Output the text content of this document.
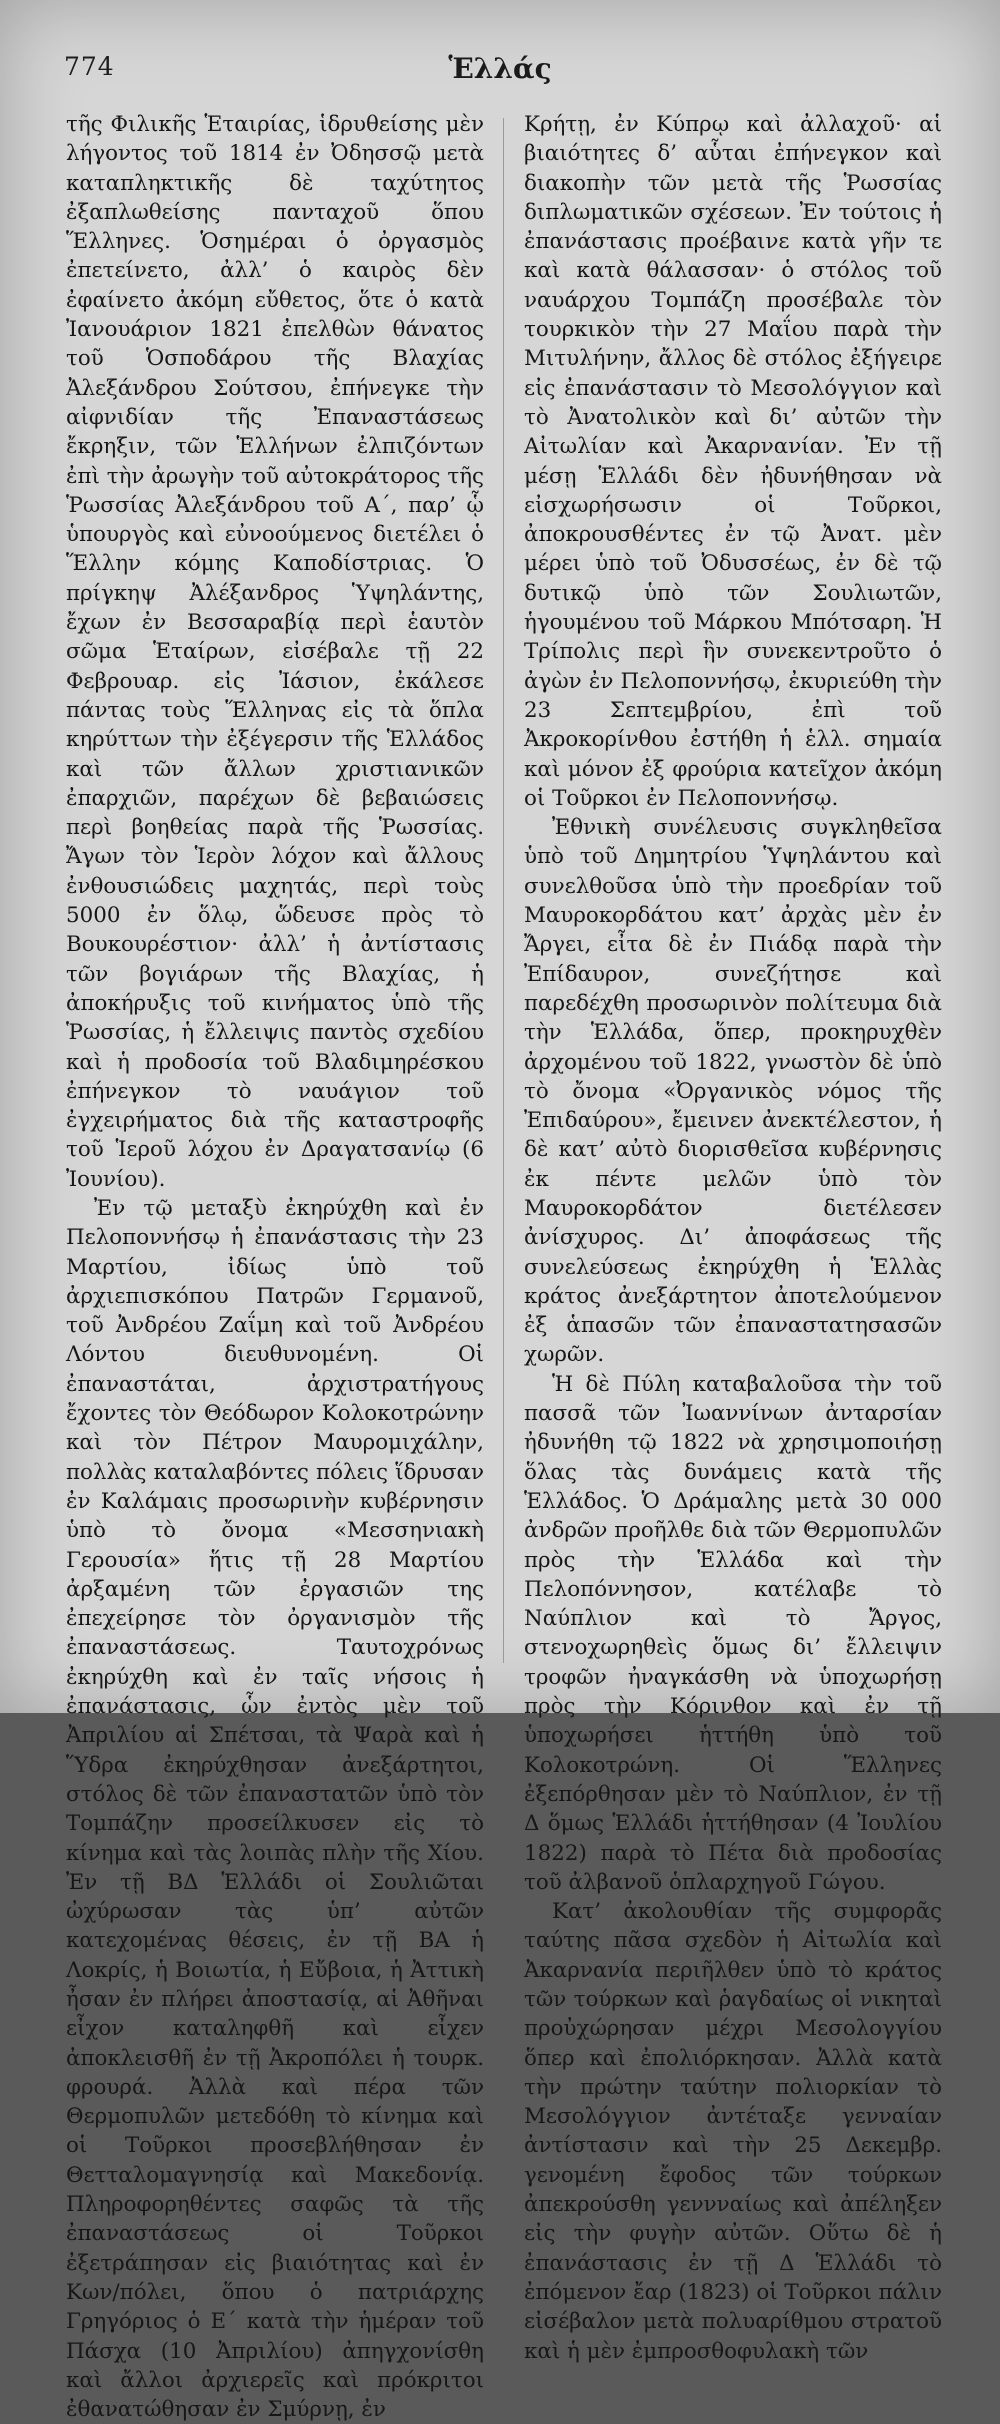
774	Ἑλλάς

τῆς Φιλικῆς Ἑταιρίας, ἱδρυθείσης μὲν λήγοντος τοῦ 1814 ἐν Ὀδησσῷ μετὰ καταπληκτικῆς δὲ ταχύτητος ἐξαπλωθείσης πανταχοῦ ὅπου Ἕλληνες. Ὁσημέραι ὁ ὀργασμὸς ἐπετείνετο, ἀλλ’ ὁ καιρὸς δὲν ἐφαίνετο ἀκόμη εὔθετος, ὅτε ὁ κατὰ Ἰανουάριον 1821 ἐπελθὼν θάνατος τοῦ Ὁσποδάρου τῆς Βλαχίας Ἀλεξάνδρου Σούτσου, ἐπήνεγκε τὴν αἰφνιδίαν τῆς Ἐπαναστάσεως ἔκρηξιν, τῶν Ἑλλήνων ἐλπιζόντων ἐπὶ τὴν ἀρωγὴν τοῦ αὐτοκράτορος τῆς Ῥωσσίας Ἀλεξάνδρου τοῦ Α´, παρ’ ᾧ ὑπουργὸς καὶ εὐνοούμενος διετέλει ὁ Ἕλλην κόμης Καποδίστριας. Ὁ πρίγκηψ Ἀλέξανδρος Ὑψηλάντης, ἔχων ἐν Βεσσαραβίᾳ περὶ ἑαυτὸν σῶμα Ἑταίρων, εἰσέβαλε τῇ 22 Φεβρουαρ. εἰς Ἰάσιον, ἐκάλεσε πάντας τοὺς Ἕλληνας εἰς τὰ ὅπλα κηρύττων τὴν ἐξέγερσιν τῆς Ἑλλάδος καὶ τῶν ἄλλων χριστιανικῶν ἐπαρχιῶν, παρέχων δὲ βεβαιώσεις περὶ βοηθείας παρὰ τῆς Ῥωσσίας. Ἄγων τὸν Ἱερὸν λόχον καὶ ἄλλους ἐνθουσιώδεις μαχητάς, περὶ τοὺς 5000 ἐν ὅλῳ, ὥδευσε πρὸς τὸ Βουκουρέστιον· ἀλλ’ ἡ ἀντίστασις τῶν βογιάρων τῆς Βλαχίας, ἡ ἀποκήρυξις τοῦ κινήματος ὑπὸ τῆς Ῥωσσίας, ἡ ἔλλειψις παντὸς σχεδίου καὶ ἡ προδοσία τοῦ Βλαδιμηρέσκου ἐπήνεγκον τὸ ναυάγιον τοῦ ἐγχειρήματος διὰ τῆς καταστροφῆς τοῦ Ἱεροῦ λόχου ἐν Δραγατσανίῳ (6 Ἰουνίου).

Ἐν τῷ μεταξὺ ἐκηρύχθη καὶ ἐν Πελοποννήσῳ ἡ ἐπανάστασις τὴν 23 Μαρτίου, ἰδίως ὑπὸ τοῦ ἀρχιεπισκόπου Πατρῶν Γερμανοῦ, τοῦ Ἀνδρέου Ζαΐμη καὶ τοῦ Ἀνδρέου Λόντου διευθυνομένη. Οἱ ἐπαναστάται, ἀρχιστρατήγους ἔχοντες τὸν Θεόδωρον Κολοκοτρώνην καὶ τὸν Πέτρον Μαυρομιχάλην, πολλὰς καταλαβόντες πόλεις ἵδρυσαν ἐν Καλάμαις προσωρινὴν κυβέρνησιν ὑπὸ τὸ ὄνομα «Μεσσηνιακὴ Γερουσία» ἥτις τῇ 28 Μαρτίου ἀρξαμένη τῶν ἐργασιῶν της ἐπεχείρησε τὸν ὀργανισμὸν τῆς ἐπαναστάσεως. Ταυτοχρόνως ἐκηρύχθη καὶ ἐν ταῖς νήσοις ἡ ἐπανάστασις, ὧν ἐντὸς μὲν τοῦ Ἀπριλίου αἱ Σπέτσαι, τὰ Ψαρὰ καὶ ἡ Ὕδρα ἐκηρύχθησαν ἀνεξάρτητοι, στόλος δὲ τῶν ἐπαναστατῶν ὑπὸ τὸν Τομπάζην προσείλκυσεν εἰς τὸ κίνημα καὶ τὰς λοιπὰς πλὴν τῆς Χίου. Ἐν τῇ ΒΔ Ἑλλάδι οἱ Σουλιῶται ὠχύρωσαν τὰς ὑπ’ αὐτῶν κατεχομένας θέσεις, ἐν τῇ ΒΑ ἡ Λοκρίς, ἡ Βοιωτία, ἡ Εὔβοια, ἡ Ἀττικὴ ἦσαν ἐν πλήρει ἀποστασίᾳ, αἱ Ἀθῆναι εἶχον καταληφθῆ καὶ εἶχεν ἀποκλεισθῆ ἐν τῇ Ἀκροπόλει ἡ τουρκ. φρουρά. Ἀλλὰ καὶ πέρα τῶν Θερμοπυλῶν μετεδόθη τὸ κίνημα καὶ οἱ Τοῦρκοι προσεβλήθησαν ἐν Θετταλομαγνησίᾳ καὶ Μακεδονίᾳ. Πληροφορηθέντες σαφῶς τὰ τῆς ἐπαναστάσεως οἱ Τοῦρκοι ἐξετράπησαν εἰς βιαιότητας καὶ ἐν Κων/πόλει, ὅπου ὁ πατριάρχης Γρηγόριος ὁ Ε´ κατὰ τὴν ἡμέραν τοῦ Πάσχα (10 Ἀπριλίου) ἀπηγχονίσθη καὶ ἄλλοι ἀρχιερεῖς καὶ πρόκριτοι ἐθανατώθησαν ἐν Σμύρνῃ, ἐν

Κρήτῃ, ἐν Κύπρῳ καὶ ἀλλαχοῦ· αἱ βιαιότητες δ’ αὗται ἐπήνεγκον καὶ διακοπὴν τῶν μετὰ τῆς Ῥωσσίας διπλωματικῶν σχέσεων. Ἐν τούτοις ἡ ἐπανάστασις προέβαινε κατὰ γῆν τε καὶ κατὰ θάλασσαν· ὁ στόλος τοῦ ναυάρχου Τομπάζη προσέβαλε τὸν τουρκικὸν τὴν 27 Μαΐου παρὰ τὴν Μιτυλήνην, ἄλλος δὲ στόλος ἐξήγειρε εἰς ἐπανάστασιν τὸ Μεσολόγγιον καὶ τὸ Ἀνατολικὸν καὶ δι’ αὐτῶν τὴν Αἰτωλίαν καὶ Ἀκαρνανίαν. Ἐν τῇ μέσῃ Ἑλλάδι δὲν ἠδυνήθησαν νὰ εἰσχωρήσωσιν οἱ Τοῦρκοι, ἀποκρουσθέντες ἐν τῷ Ἀνατ. μὲν μέρει ὑπὸ τοῦ Ὀδυσσέως, ἐν δὲ τῷ δυτικῷ ὑπὸ τῶν Σουλιωτῶν, ἡγουμένου τοῦ Μάρκου Μπότσαρη. Ἡ Τρίπολις περὶ ἣν συνεκεντροῦτο ὁ ἀγὼν ἐν Πελοποννήσῳ, ἐκυριεύθη τὴν 23 Σεπτεμβρίου, ἐπὶ τοῦ Ἀκροκορίνθου ἐστήθη ἡ ἑλλ. σημαία καὶ μόνον ἐξ φρούρια κατεῖχον ἀκόμη οἱ Τοῦρκοι ἐν Πελοποννήσῳ.

Ἐθνικὴ συνέλευσις συγκληθεῖσα ὑπὸ τοῦ Δημητρίου Ὑψηλάντου καὶ συνελθοῦσα ὑπὸ τὴν προεδρίαν τοῦ Μαυροκορδάτου κατ’ ἀρχὰς μὲν ἐν Ἄργει, εἶτα δὲ ἐν Πιάδᾳ παρὰ τὴν Ἐπίδαυρον, συνεζήτησε καὶ παρεδέχθη προσωρινὸν πολίτευμα διὰ τὴν Ἑλλάδα, ὅπερ, προκηρυχθὲν ἀρχομένου τοῦ 1822, γνωστὸν δὲ ὑπὸ τὸ ὄνομα «Ὀργανικὸς νόμος τῆς Ἐπιδαύρου», ἔμεινεν ἀνεκτέλεστον, ἡ δὲ κατ’ αὐτὸ διορισθεῖσα κυβέρνησις ἐκ πέντε μελῶν ὑπὸ τὸν Μαυροκορδάτον διετέλεσεν ἀνίσχυρος. Δι’ ἀποφάσεως τῆς συνελεύσεως ἐκηρύχθη ἡ Ἑλλὰς κράτος ἀνεξάρτητον ἀποτελούμενον ἐξ ἁπασῶν τῶν ἐπαναστατησασῶν χωρῶν.

Ἡ δὲ Πύλη καταβαλοῦσα τὴν τοῦ πασσᾶ τῶν Ἰωαννίνων ἀνταρσίαν ἠδυνήθη τῷ 1822 νὰ χρησιμοποιήσῃ ὅλας τὰς δυνάμεις κατὰ τῆς Ἑλλάδος. Ὁ Δράμαλης μετὰ 30 000 ἀνδρῶν προῆλθε διὰ τῶν Θερμοπυλῶν πρὸς τὴν Ἑλλάδα καὶ τὴν Πελοπόννησον, κατέλαβε τὸ Ναύπλιον καὶ τὸ Ἄργος, στενοχωρηθεὶς ὅμως δι’ ἔλλειψιν τροφῶν ἠναγκάσθη νὰ ὑποχωρήσῃ πρὸς τὴν Κόρινθον καὶ ἐν τῇ ὑποχωρήσει ἡττήθη ὑπὸ τοῦ Κολοκοτρώνη. Οἱ Ἕλληνες ἐξεπόρθησαν μὲν τὸ Ναύπλιον, ἐν τῇ Δ ὅμως Ἑλλάδι ἡττήθησαν (4 Ἰουλίου 1822) παρὰ τὸ Πέτα διὰ προδοσίας τοῦ ἀλβανοῦ ὁπλαρχηγοῦ Γώγου.

Κατ’ ἀκολουθίαν τῆς συμφορᾶς ταύτης πᾶσα σχεδὸν ἡ Αἰτωλία καὶ Ἀκαρνανία περιῆλθεν ὑπὸ τὸ κράτος τῶν τούρκων καὶ ῥαγδαίως οἱ νικηταὶ προὐχώρησαν μέχρι Μεσολογγίου ὅπερ καὶ ἐπολιόρκησαν. Ἀλλὰ κατὰ τὴν πρώτην ταύτην πολιορκίαν τὸ Μεσολόγγιον ἀντέταξε γενναίαν ἀντίστασιν καὶ τὴν 25 Δεκεμβρ. γενομένη ἔφοδος τῶν τούρκων ἀπεκρούσθη γεννναίως καὶ ἀπέληξεν εἰς τὴν φυγὴν αὐτῶν. Οὕτω δὲ ἡ ἐπανάστασις ἐν τῇ Δ Ἑλλάδι τὸ ἐπόμενον ἔαρ (1823) οἱ Τοῦρκοι πάλιν εἰσέβαλον μετὰ πολυαρίθμου στρατοῦ καὶ ἡ μὲν ἐμπροσθοφυλακὴ τῶν
